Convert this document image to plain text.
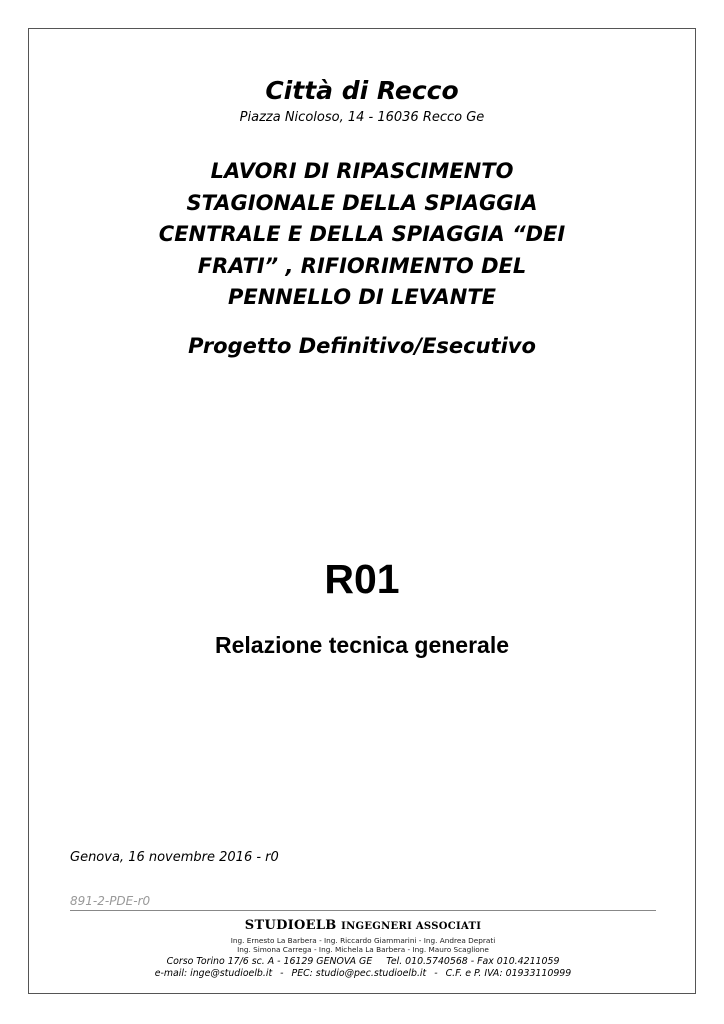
Città di Recco
Piazza Nicoloso, 14 - 16036 Recco Ge
LAVORI DI RIPASCIMENTO
STAGIONALE DELLA SPIAGGIA
CENTRALE E DELLA SPIAGGIA “DEI
FRATI” , RIFIORIMENTO DEL
PENNELLO DI LEVANTE
Progetto Definitivo/Esecutivo
R01
Relazione tecnica generale
Genova, 16 novembre 2016 - r0
891-2-PDE-r0
STUDIOELB INGEGNERI ASSOCIATI
Ing. Ernesto La Barbera - Ing. Riccardo Giammarini - Ing. Andrea Deprati
Ing. Simona Carrega - Ing. Michela La Barbera - Ing. Mauro Scaglione
Corso Torino 17/6 sc. A - 16129 GENOVA GE Tel. 010.5740568 - Fax 010.4211059
e-mail: inge@studioelb.it - PEC: studio@pec.studioelb.it - C.F. e P. IVA: 01933110999
